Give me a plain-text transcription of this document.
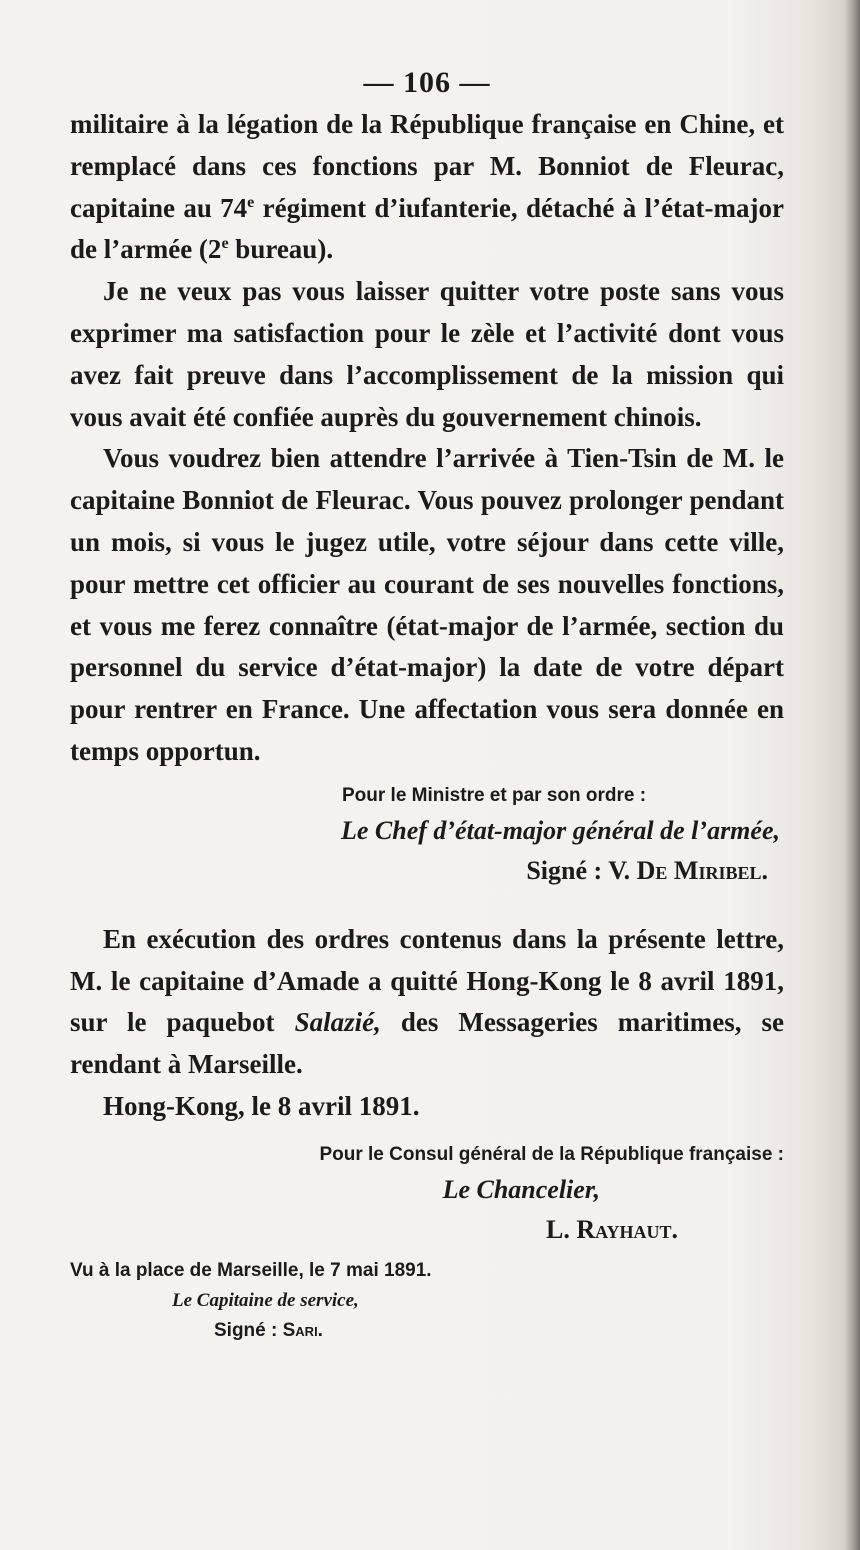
— 106 —

militaire à la légation de la République française en Chine, et remplacé dans ces fonctions par M. Bonniot de Fleurac, capitaine au 74e régiment d’iufanterie, détaché à l’état-major de l’armée (2e bureau).

Je ne veux pas vous laisser quitter votre poste sans vous exprimer ma satisfaction pour le zèle et l’activité dont vous avez fait preuve dans l’accomplissement de la mission qui vous avait été confiée auprès du gouvernement chinois.

Vous voudrez bien attendre l’arrivée à Tien-Tsin de M. le capitaine Bonniot de Fleurac. Vous pouvez prolonger pendant un mois, si vous le jugez utile, votre séjour dans cette ville, pour mettre cet officier au courant de ses nouvelles fonctions, et vous me ferez connaître (état-major de l’armée, section du personnel du service d’état-major) la date de votre départ pour rentrer en France. Une affectation vous sera donnée en temps opportun.

Pour le Ministre et par son ordre :
Le Chef d’état-major général de l’armée,
Signé : V. De Miribel.

En exécution des ordres contenus dans la présente lettre, M. le capitaine d’Amade a quitté Hong-Kong le 8 avril 1891, sur le paquebot Salazié, des Messageries maritimes, se rendant à Marseille.

Hong-Kong, le 8 avril 1891.

Pour le Consul général de la République française :
Le Chancelier,
L. Rayhaut.
Vu à la place de Marseille, le 7 mai 1891.
Le Capitaine de service,
Signé : Sari.
